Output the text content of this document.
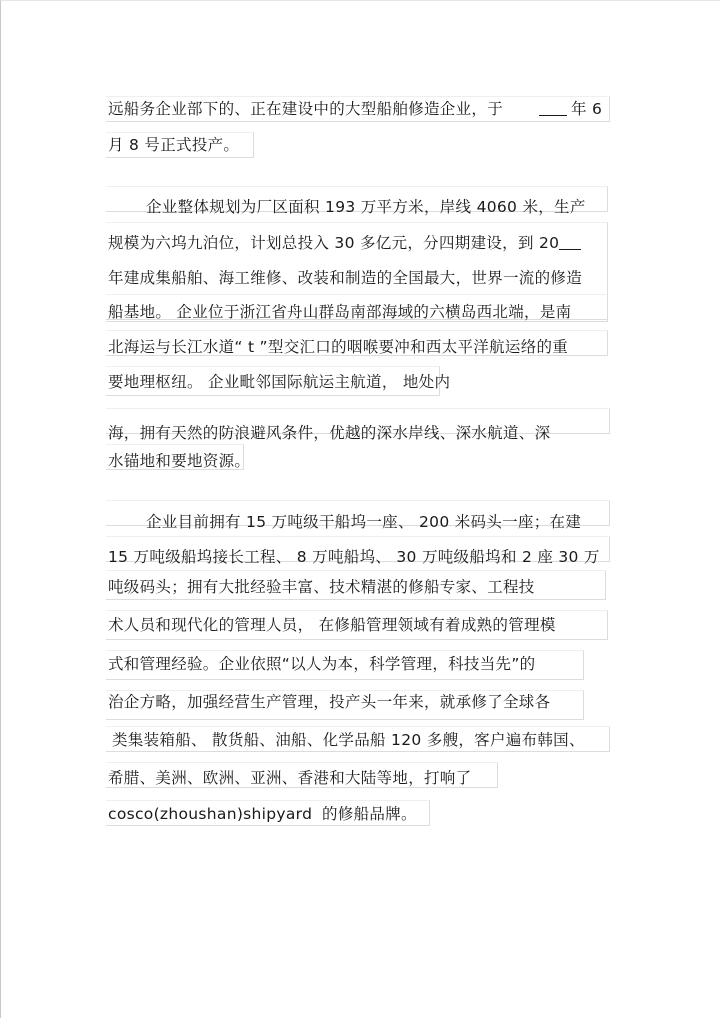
远船务企业部下的、正在建设中的大型船舶修造企业，于	年 6
月 8 号正式投产。
企业整体规划为厂区面积 193 万平方米，岸线 4060 米，生产
规模为六坞九泊位，计划总投入 30 多亿元，分四期建设，到 20
年建成集船舶、海工维修、改装和制造的全国最大，世界一流的修造
船基地。 企业位于浙江省舟山群岛南部海域的六横岛西北端，是南
北海运与长江水道“ t ”型交汇口的咽喉要冲和西太平洋航运络的重
要地理枢纽。 企业毗邻国际航运主航道， 地处内
海，拥有天然的防浪避风条件，优越的深水岸线、深水航道、深
水锚地和要地资源。
企业目前拥有 15 万吨级干船坞一座、 200 米码头一座；在建
15 万吨级船坞接长工程、 8 万吨船坞、 30 万吨级船坞和 2 座 30 万
吨级码头；拥有大批经验丰富、技术精湛的修船专家、工程技
术人员和现代化的管理人员， 在修船管理领域有着成熟的管理模
式和管理经验。企业依照“以人为本，科学管理，科技当先”的
治企方略，加强经营生产管理，投产头一年来，就承修了全球各
类集装箱船、 散货船、油船、化学品船 120 多艘，客户遍布韩国、
希腊、美洲、欧洲、亚洲、香港和大陆等地，打响了
cosco(zhoushan)shipyard 的修船品牌。
